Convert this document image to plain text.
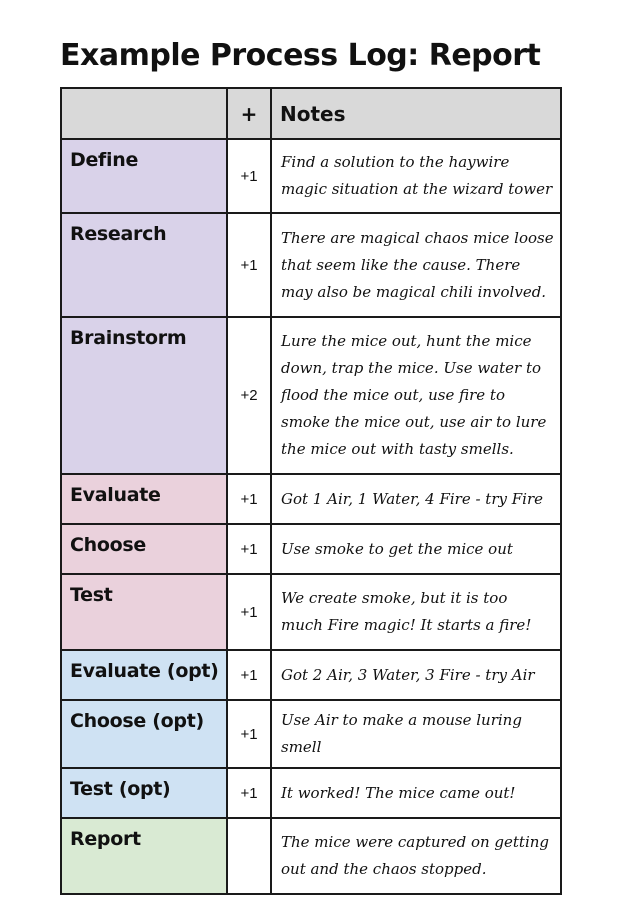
Example Process Log: Report
	+	Notes
Define	+1	Find a solution to the haywire magic situation at the wizard tower
Research	+1	There are magical chaos mice loose that seem like the cause. There may also be magical chili involved.
Brainstorm	+2	Lure the mice out, hunt the mice down, trap the mice. Use water to flood the mice out, use fire to smoke the mice out, use air to lure the mice out with tasty smells.
Evaluate	+1	Got 1 Air, 1 Water, 4 Fire - try Fire
Choose	+1	Use smoke to get the mice out
Test	+1	We create smoke, but it is too much Fire magic! It starts a fire!
Evaluate (opt)	+1	Got 2 Air, 3 Water, 3 Fire - try Air
Choose (opt)	+1	Use Air to make a mouse luring smell
Test (opt)	+1	It worked! The mice came out!
Report		The mice were captured on getting out and the chaos stopped.
